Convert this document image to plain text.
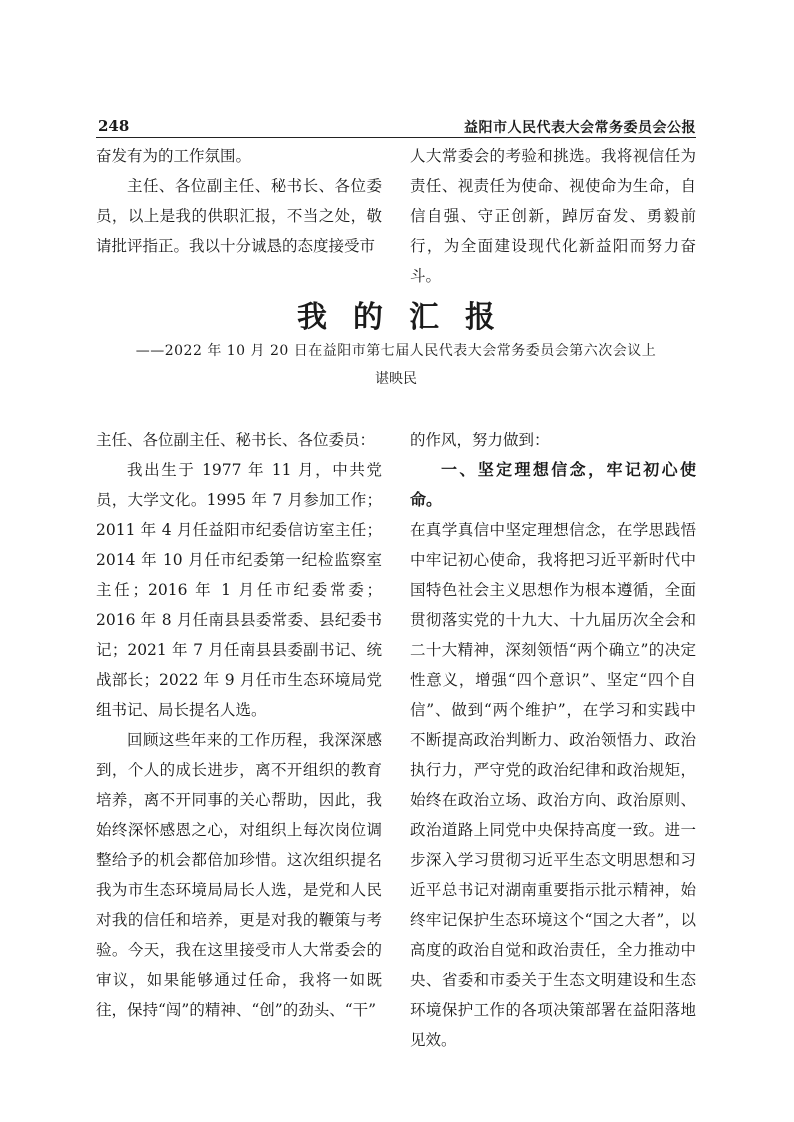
248	益阳市人民代表大会常务委员会公报

奋发有为的工作氛围。

主任、各位副主任、秘书长、各位委员，以上是我的供职汇报，不当之处，敬请批评指正。我以十分诚恳的态度接受市

人大常委会的考验和挑选。我将视信任为责任、视责任为使命、视使命为生命，自信自强、守正创新，踔厉奋发、勇毅前行，为全面建设现代化新益阳而努力奋斗。

我的汇报
——2022 年 10 月 20 日在益阳市第七届人民代表大会常务委员会第六次会议上
谌映民

主任、各位副主任、秘书长、各位委员：

我出生于 1977 年 11 月，中共党员，大学文化。1995 年 7 月参加工作；2011 年 4 月任益阳市纪委信访室主任；2014 年 10 月任市纪委第一纪检监察室主任；2016 年 1 月任市纪委常委；2016 年 8 月任南县县委常委、县纪委书记；2021 年 7 月任南县县委副书记、统战部长；2022 年 9 月任市生态环境局党组书记、局长提名人选。

回顾这些年来的工作历程，我深深感到，个人的成长进步，离不开组织的教育培养，离不开同事的关心帮助，因此，我始终深怀感恩之心，对组织上每次岗位调整给予的机会都倍加珍惜。这次组织提名我为市生态环境局局长人选，是党和人民对我的信任和培养，更是对我的鞭策与考验。今天，我在这里接受市人大常委会的审议，如果能够通过任命，我将一如既往，保持“闯”的精神、“创”的劲头、“干”

的作风，努力做到：

一、坚定理想信念，牢记初心使命。

在真学真信中坚定理想信念，在学思践悟中牢记初心使命，我将把习近平新时代中国特色社会主义思想作为根本遵循，全面贯彻落实党的十九大、十九届历次全会和二十大精神，深刻领悟“两个确立”的决定性意义，增强“四个意识”、坚定“四个自信”、做到“两个维护”，在学习和实践中不断提高政治判断力、政治领悟力、政治执行力，严守党的政治纪律和政治规矩，始终在政治立场、政治方向、政治原则、政治道路上同党中央保持高度一致。进一步深入学习贯彻习近平生态文明思想和习近平总书记对湖南重要指示批示精神，始终牢记保护生态环境这个“国之大者”，以高度的政治自觉和政治责任，全力推动中央、省委和市委关于生态文明建设和生态环境保护工作的各项决策部署在益阳落地见效。
